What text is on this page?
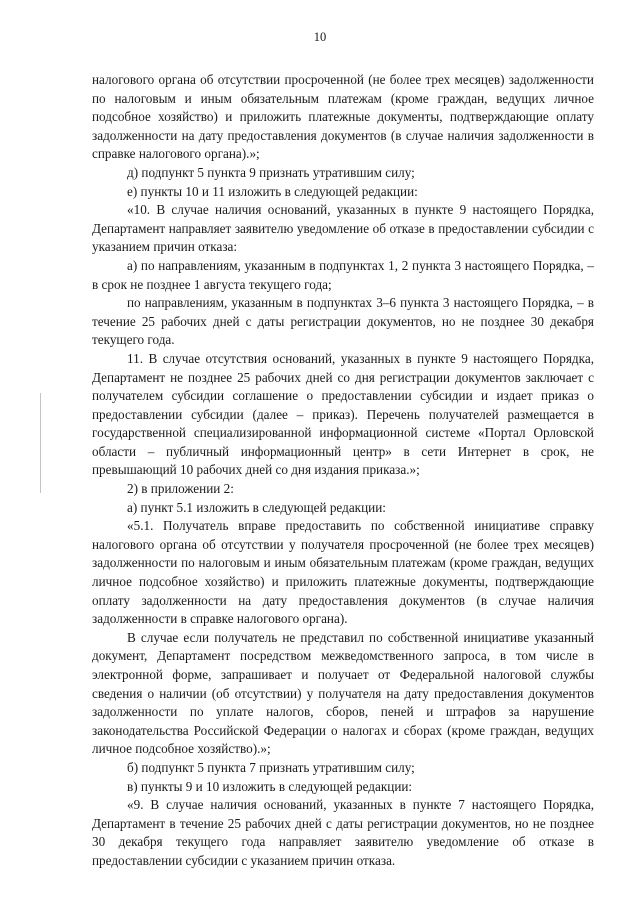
10

налогового органа об отсутствии просроченной (не более трех месяцев) задолженности по налоговым и иным обязательным платежам (кроме граждан, ведущих личное подсобное хозяйство) и приложить платежные документы, подтверждающие оплату задолженности на дату предоставления документов (в случае наличия задолженности в справке налогового органа).»;

д) подпункт 5 пункта 9 признать утратившим силу;

е) пункты 10 и 11 изложить в следующей редакции:

«10. В случае наличия оснований, указанных в пункте 9 настоящего Порядка, Департамент направляет заявителю уведомление об отказе в предоставлении субсидии с указанием причин отказа:

а) по направлениям, указанным в подпунктах 1, 2 пункта 3 настоящего Порядка, – в срок не позднее 1 августа текущего года;

по направлениям, указанным в подпунктах 3–6 пункта 3 настоящего Порядка, – в течение 25 рабочих дней с даты регистрации документов, но не позднее 30 декабря текущего года.

11. В случае отсутствия оснований, указанных в пункте 9 настоящего Порядка, Департамент не позднее 25 рабочих дней со дня регистрации документов заключает с получателем субсидии соглашение о предоставлении субсидии и издает приказ о предоставлении субсидии (далее – приказ). Перечень получателей размещается в государственной специализированной информационной системе «Портал Орловской области – публичный информационный центр» в сети Интернет в срок, не превышающий 10 рабочих дней со дня издания приказа.»;

2) в приложении 2:

а) пункт 5.1 изложить в следующей редакции:

«5.1. Получатель вправе предоставить по собственной инициативе справку налогового органа об отсутствии у получателя просроченной (не более трех месяцев) задолженности по налоговым и иным обязательным платежам (кроме граждан, ведущих личное подсобное хозяйство) и приложить платежные документы, подтверждающие оплату задолженности на дату предоставления документов (в случае наличия задолженности в справке налогового органа).

В случае если получатель не представил по собственной инициативе указанный документ, Департамент посредством межведомственного запроса, в том числе в электронной форме, запрашивает и получает от Федеральной налоговой службы сведения о наличии (об отсутствии) у получателя на дату предоставления документов задолженности по уплате налогов, сборов, пеней и штрафов за нарушение законодательства Российской Федерации о налогах и сборах (кроме граждан, ведущих личное подсобное хозяйство).»;

б) подпункт 5 пункта 7 признать утратившим силу;

в) пункты 9 и 10 изложить в следующей редакции:

«9. В случае наличия оснований, указанных в пункте 7 настоящего Порядка, Департамент в течение 25 рабочих дней с даты регистрации документов, но не позднее 30 декабря текущего года направляет заявителю уведомление об отказе в предоставлении субсидии с указанием причин отказа.
